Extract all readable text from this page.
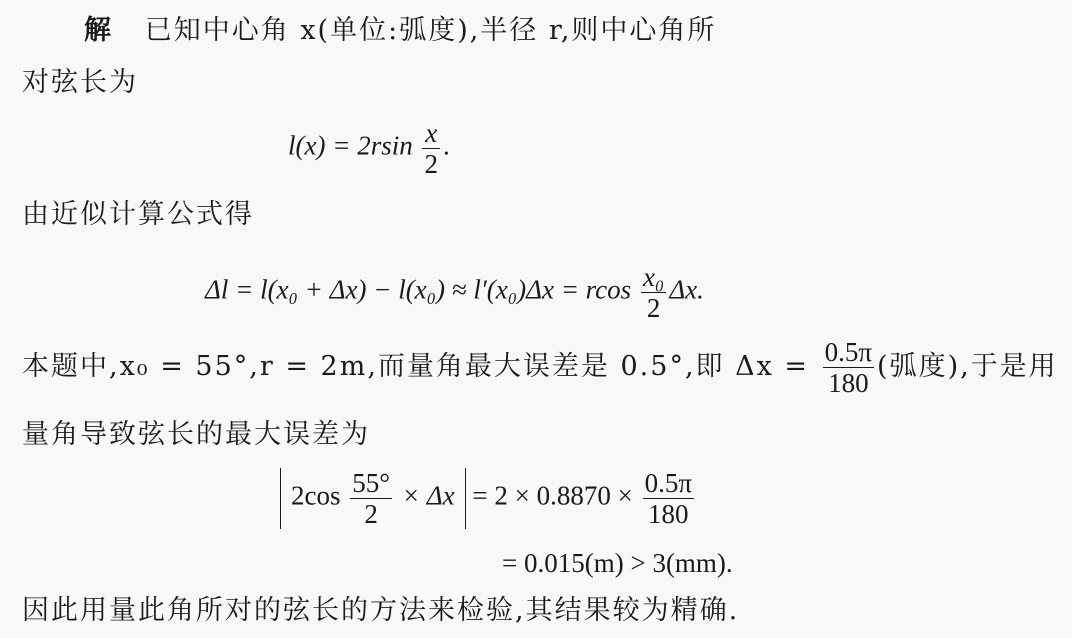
解 已知中心角 x(单位:弧度),半径 r,则中心角所
对弦长为
$l(x) = 2rsin \frac{x}{2}$ .
由近似计算公式得
Δl = l(x₀ + Δx) − l(x₀) ≈ l′(x₀)Δx = rcos $\frac{\text{x₀}}{2} \Delta x$.
本题中,x₀ = 55°,r = 2m,而量角最大误差是 0.5°,即 $\Delta x = \frac{0.5\pi}{180}$ (弧度),于是用
量角导致弦长的最大误差为
$2\cos \frac{55^\circ}{2} \times \Delta x = 2 \times 0.8870 \times \frac{0.5\pi}{180}$
= 0.015(m) > 3(mm).
因此用量此角所对的弦长的方法来检验,其结果较为精确.
